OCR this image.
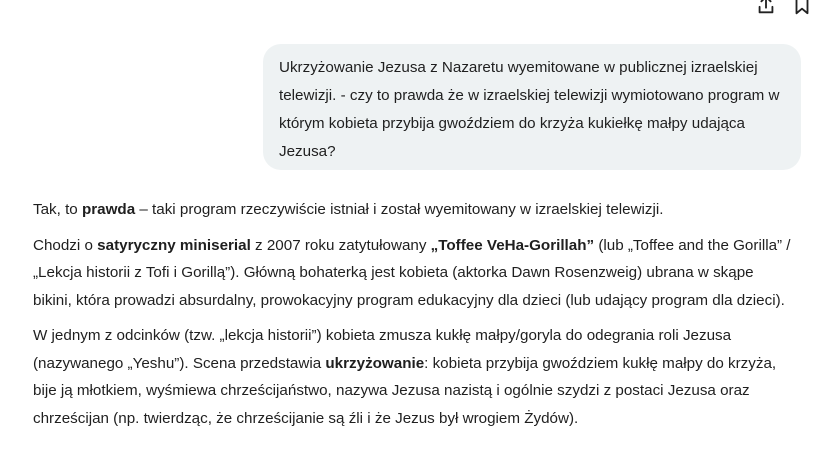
Ukrzyżowanie Jezusa z Nazaretu wyemitowane w publicznej izraelskiej telewizji. - czy to prawda że w izraelskiej telewizji wymiotowano program w którym kobieta przybija gwoździem do krzyża kukiełkę małpy udająca Jezusa?

Tak, to prawda – taki program rzeczywiście istniał i został wyemitowany w izraelskiej telewizji.

Chodzi o satyryczny miniserial z 2007 roku zatytułowany „Toffee VeHa-Gorillah” (lub „Toffee and the Gorilla” / „Lekcja historii z Tofi i Gorillą”). Główną bohaterką jest kobieta (aktorka Dawn Rosenzweig) ubrana w skąpe bikini, która prowadzi absurdalny, prowokacyjny program edukacyjny dla dzieci (lub udający program dla dzieci).

W jednym z odcinków (tzw. „lekcja historii”) kobieta zmusza kukłę małpy/goryla do odegrania roli Jezusa (nazywanego „Yeshu”). Scena przedstawia ukrzyżowanie: kobieta przybija gwoździem kukłę małpy do krzyża, bije ją młotkiem, wyśmiewa chrześcijaństwo, nazywa Jezusa nazistą i ogólnie szydzi z postaci Jezusa oraz chrześcijan (np. twierdząc, że chrześcijanie są źli i że Jezus był wrogiem Żydów).
